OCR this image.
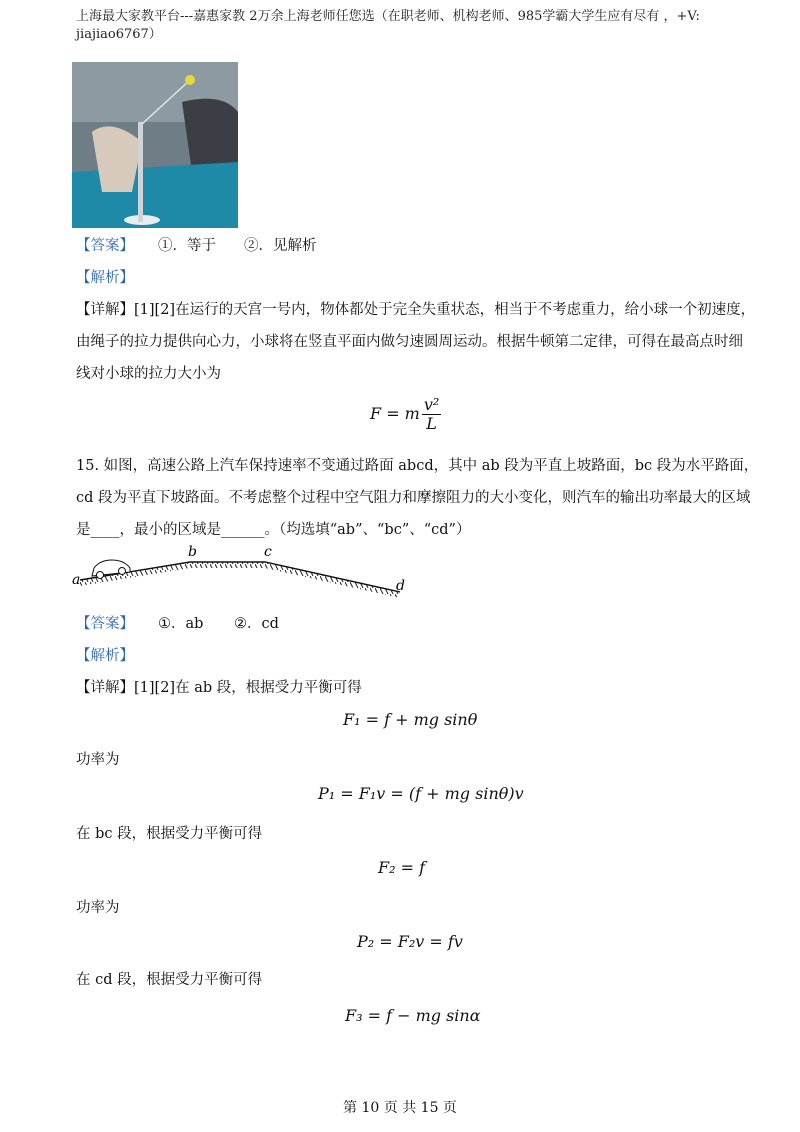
上海最大家教平台---嘉惠家教 2万余上海老师任您选（在职老师、机构老师、985学霸大学生应有尽有 ，+V:
jiajiao6767）
【答案】 ①．等于 ②．见解析
【解析】
【详解】[1][2]在运行的天宫一号内，物体都处于完全失重状态，相当于不考虑重力，给小球一个初速度，
由绳子的拉力提供向心力，小球将在竖直平面内做匀速圆周运动。根据牛顿第二定律，可得在最高点时细
线对小球的拉力大小为
F = m $\frac{\text{v²}}{L}$
15. 如图，高速公路上汽车保持速率不变通过路面 abcd，其中 ab 段为平直上坡路面，bc 段为水平路面，
cd 段为平直下坡路面。不考虑整个过程中空气阻力和摩擦阻力的大小变化，则汽车的输出功率最大的区域
是____，最小的区域是______。（均选填“ab”、“bc”、“cd”）
a
b	c
d
【答案】 ①．ab ②．cd
【解析】
【详解】[1][2]在 ab 段，根据受力平衡可得
F₁ = f + mg sinθ
功率为
P₁ = F₁v = (f + mg sinθ)v
在 bc 段，根据受力平衡可得
F₂ = f
功率为
P₂ = F₂v = fv
在 cd 段，根据受力平衡可得
F₃ = f − mg sinα
第 10 页 共 15 页
